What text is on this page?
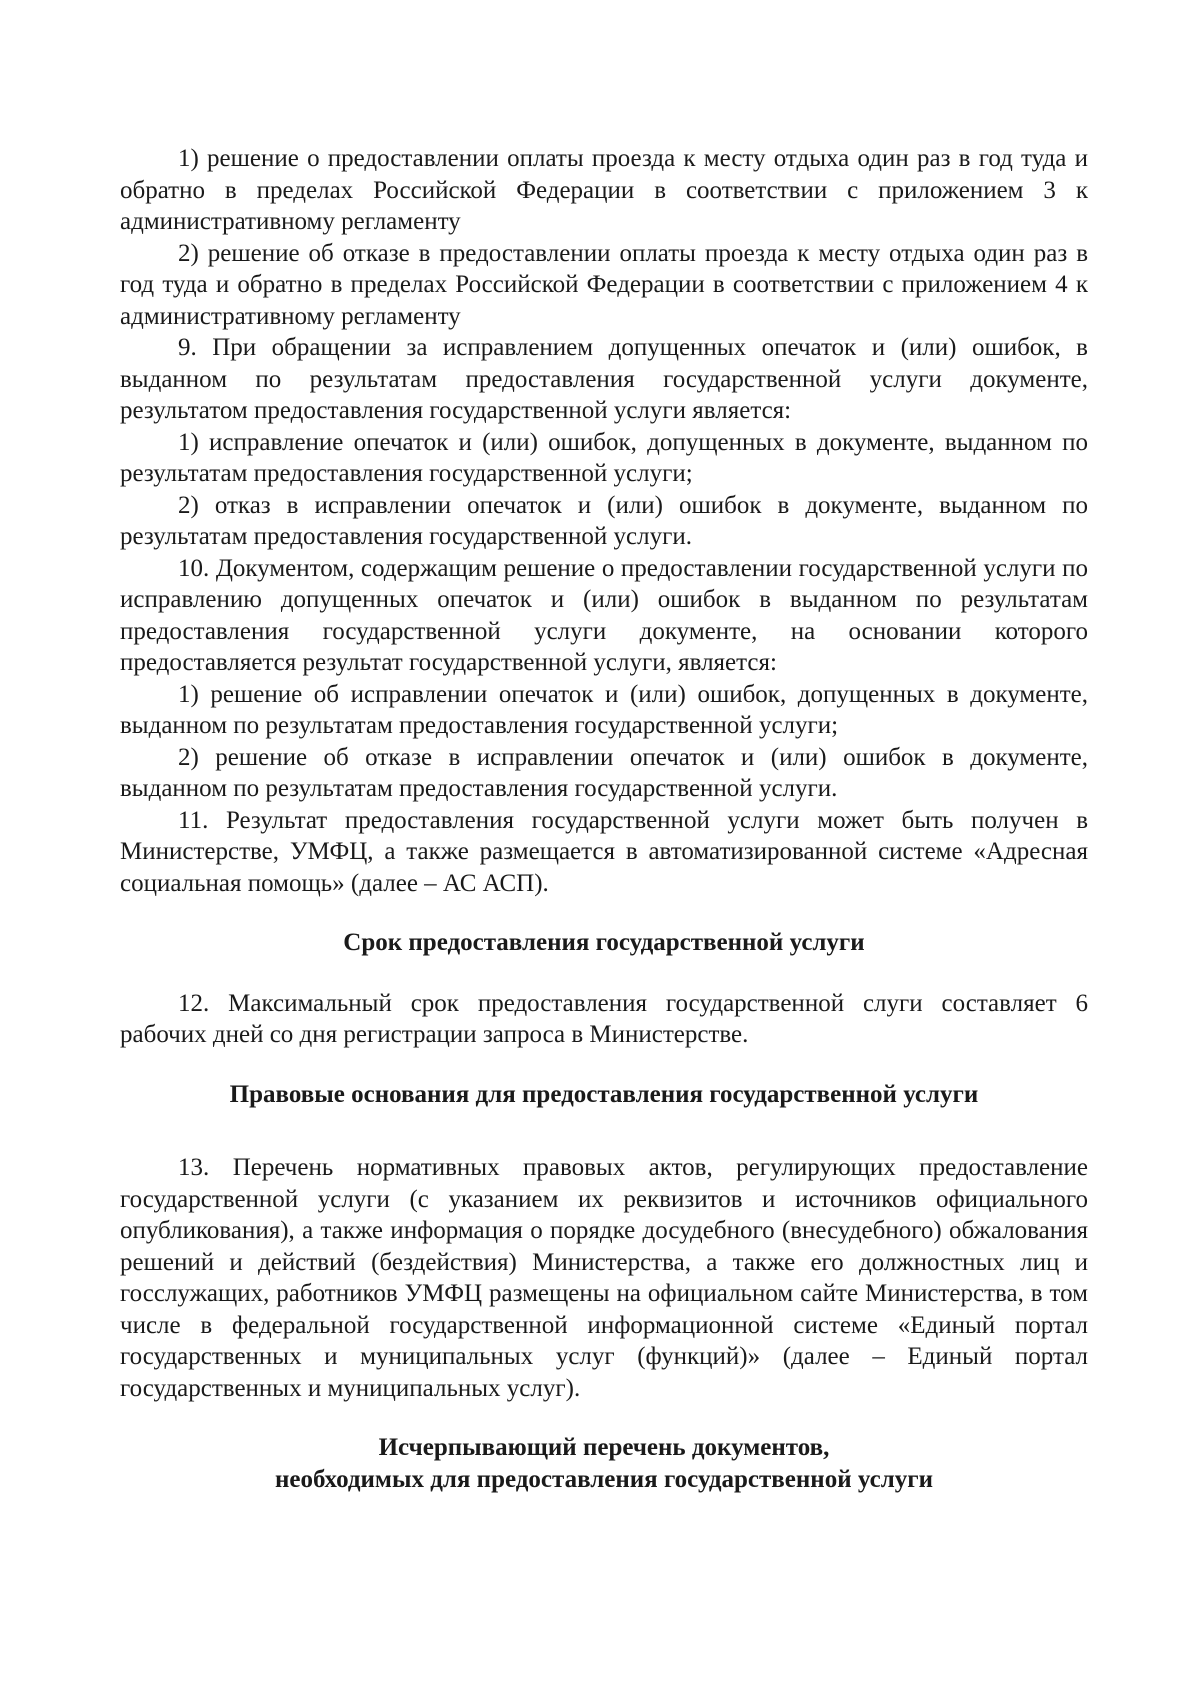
1) решение о предоставлении оплаты проезда к месту отдыха один раз в год туда и обратно в пределах Российской Федерации в соответствии с приложением 3 к административному регламенту

2) решение об отказе в предоставлении оплаты проезда к месту отдыха один раз в год туда и обратно в пределах Российской Федерации в соответствии с приложением 4 к административному регламенту

9. При обращении за исправлением допущенных опечаток и (или) ошибок, в выданном по результатам предоставления государственной услуги документе, результатом предоставления государственной услуги является:

1) исправление опечаток и (или) ошибок, допущенных в документе, выданном по результатам предоставления государственной услуги;

2) отказ в исправлении опечаток и (или) ошибок в документе, выданном по результатам предоставления государственной услуги.

10. Документом, содержащим решение о предоставлении государственной услуги по исправлению допущенных опечаток и (или) ошибок в выданном по результатам предоставления государственной услуги документе, на основании которого предоставляется результат государственной услуги, является:

1) решение об исправлении опечаток и (или) ошибок, допущенных в документе, выданном по результатам предоставления государственной услуги;

2) решение об отказе в исправлении опечаток и (или) ошибок в документе, выданном по результатам предоставления государственной услуги.

11. Результат предоставления государственной услуги может быть получен в Министерстве, УМФЦ, а также размещается в автоматизированной системе «Адресная социальная помощь» (далее – АС АСП).

Срок предоставления государственной услуги

12. Максимальный срок предоставления государственной слуги составляет 6 рабочих дней со дня регистрации запроса в Министерстве.

Правовые основания для предоставления государственной услуги

13. Перечень нормативных правовых актов, регулирующих предоставление государственной услуги (с указанием их реквизитов и источников официального опубликования), а также информация о порядке досудебного (внесудебного) обжалования решений и действий (бездействия) Министерства, а также его должностных лиц и госслужащих, работников УМФЦ размещены на официальном сайте Министерства, в том числе в федеральной государственной информационной системе «Единый портал государственных и муниципальных услуг (функций)» (далее – Единый портал государственных и муниципальных услуг).

Исчерпывающий перечень документов,

необходимых для предоставления государственной услуги
